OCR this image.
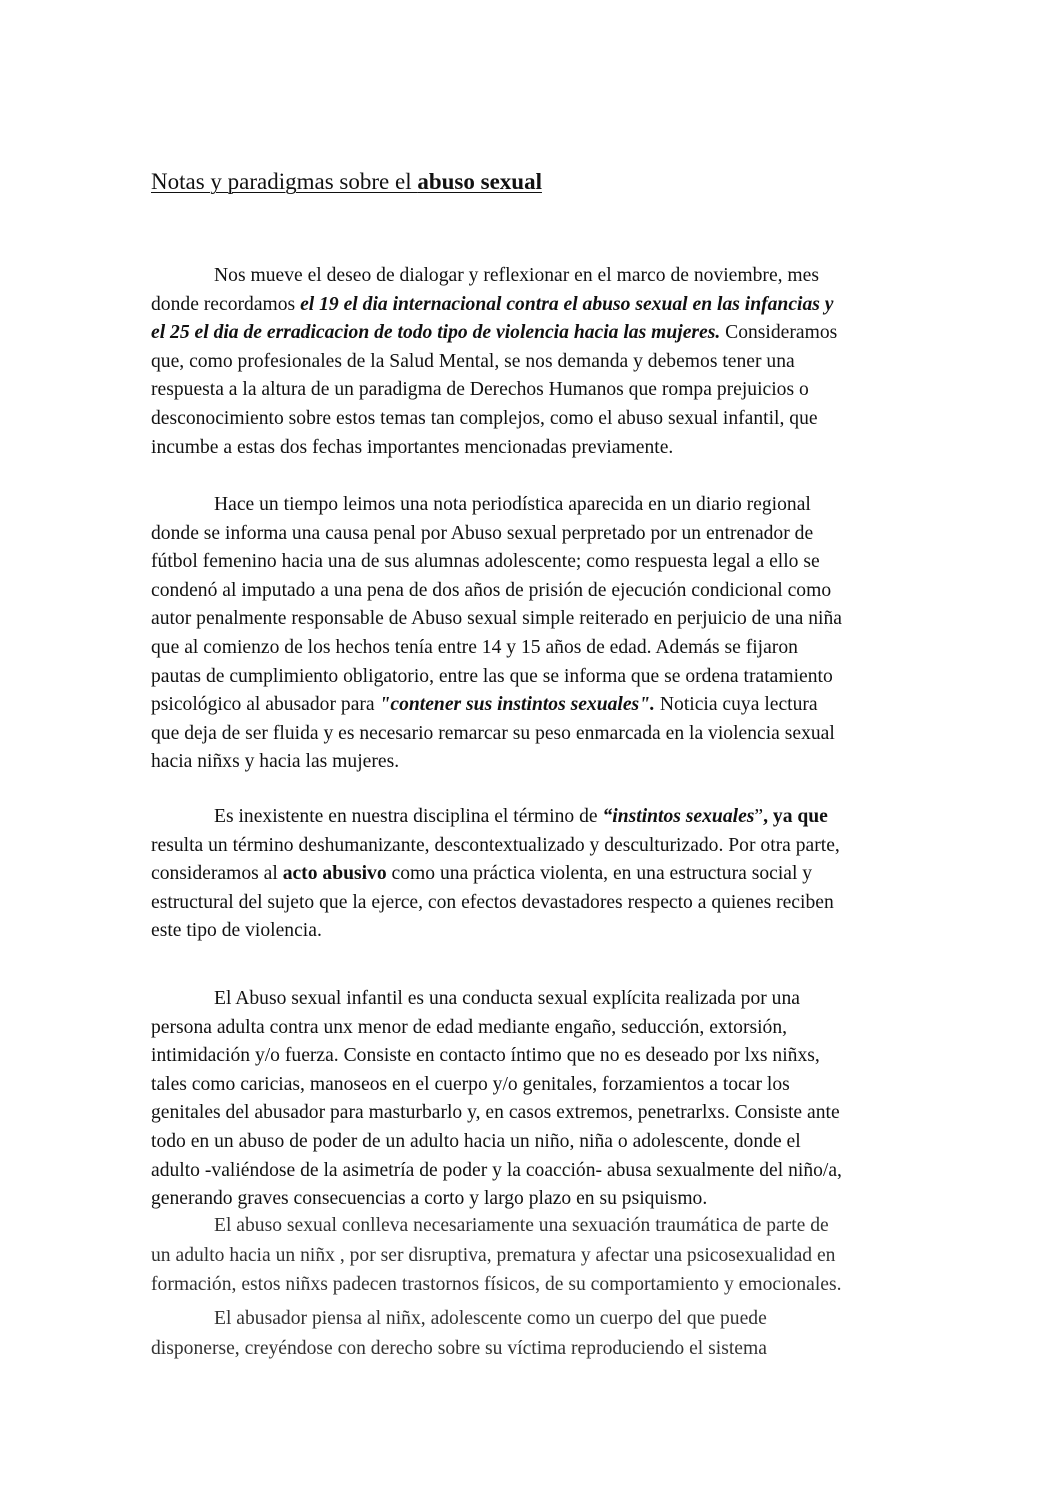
Notas y paradigmas sobre el abuso sexual

Nos mueve el deseo de dialogar y reflexionar en el marco de noviembre, mes
donde recordamos el 19 el dia internacional contra el abuso sexual en las infancias y
el 25 el dia de erradicacion de todo tipo de violencia hacia las mujeres. Consideramos
que, como profesionales de la Salud Mental, se nos demanda y debemos tener una
respuesta a la altura de un paradigma de Derechos Humanos que rompa prejuicios o
desconocimiento sobre estos temas tan complejos, como el abuso sexual infantil, que
incumbe a estas dos fechas importantes mencionadas previamente.

Hace un tiempo leimos una nota periodística aparecida en un diario regional
donde se informa una causa penal por Abuso sexual perpretado por un entrenador de
fútbol femenino hacia una de sus alumnas adolescente; como respuesta legal a ello se
condenó al imputado a una pena de dos años de prisión de ejecución condicional como
autor penalmente responsable de Abuso sexual simple reiterado en perjuicio de una niña
que al comienzo de los hechos tenía entre 14 y 15 años de edad. Además se fijaron
pautas de cumplimiento obligatorio, entre las que se informa que se ordena tratamiento
psicológico al abusador para "contener sus instintos sexuales". Noticia cuya lectura
que deja de ser fluida y es necesario remarcar su peso enmarcada en la violencia sexual
hacia niñxs y hacia las mujeres.

Es inexistente en nuestra disciplina el término de “instintos sexuales”, ya que
resulta un término deshumanizante, descontextualizado y desculturizado. Por otra parte,
consideramos al acto abusivo como una práctica violenta, en una estructura social y
estructural del sujeto que la ejerce, con efectos devastadores respecto a quienes reciben
este tipo de violencia.

El Abuso sexual infantil es una conducta sexual explícita realizada por una
persona adulta contra unx menor de edad mediante engaño, seducción, extorsión,
intimidación y/o fuerza. Consiste en contacto íntimo que no es deseado por lxs niñxs,
tales como caricias, manoseos en el cuerpo y/o genitales, forzamientos a tocar los
genitales del abusador para masturbarlo y, en casos extremos, penetrarlxs. Consiste ante
todo en un abuso de poder de un adulto hacia un niño, niña o adolescente, donde el
adulto -valiéndose de la asimetría de poder y la coacción- abusa sexualmente del niño/a,
generando graves consecuencias a corto y largo plazo en su psiquismo.

El abuso sexual conlleva necesariamente una sexuación traumática de parte de
un adulto hacia un niñx , por ser disruptiva, prematura y afectar una psicosexualidad en
formación, estos niñxs padecen trastornos físicos, de su comportamiento y emocionales.

El abusador piensa al niñx, adolescente como un cuerpo del que puede
disponerse, creyéndose con derecho sobre su víctima reproduciendo el sistema
